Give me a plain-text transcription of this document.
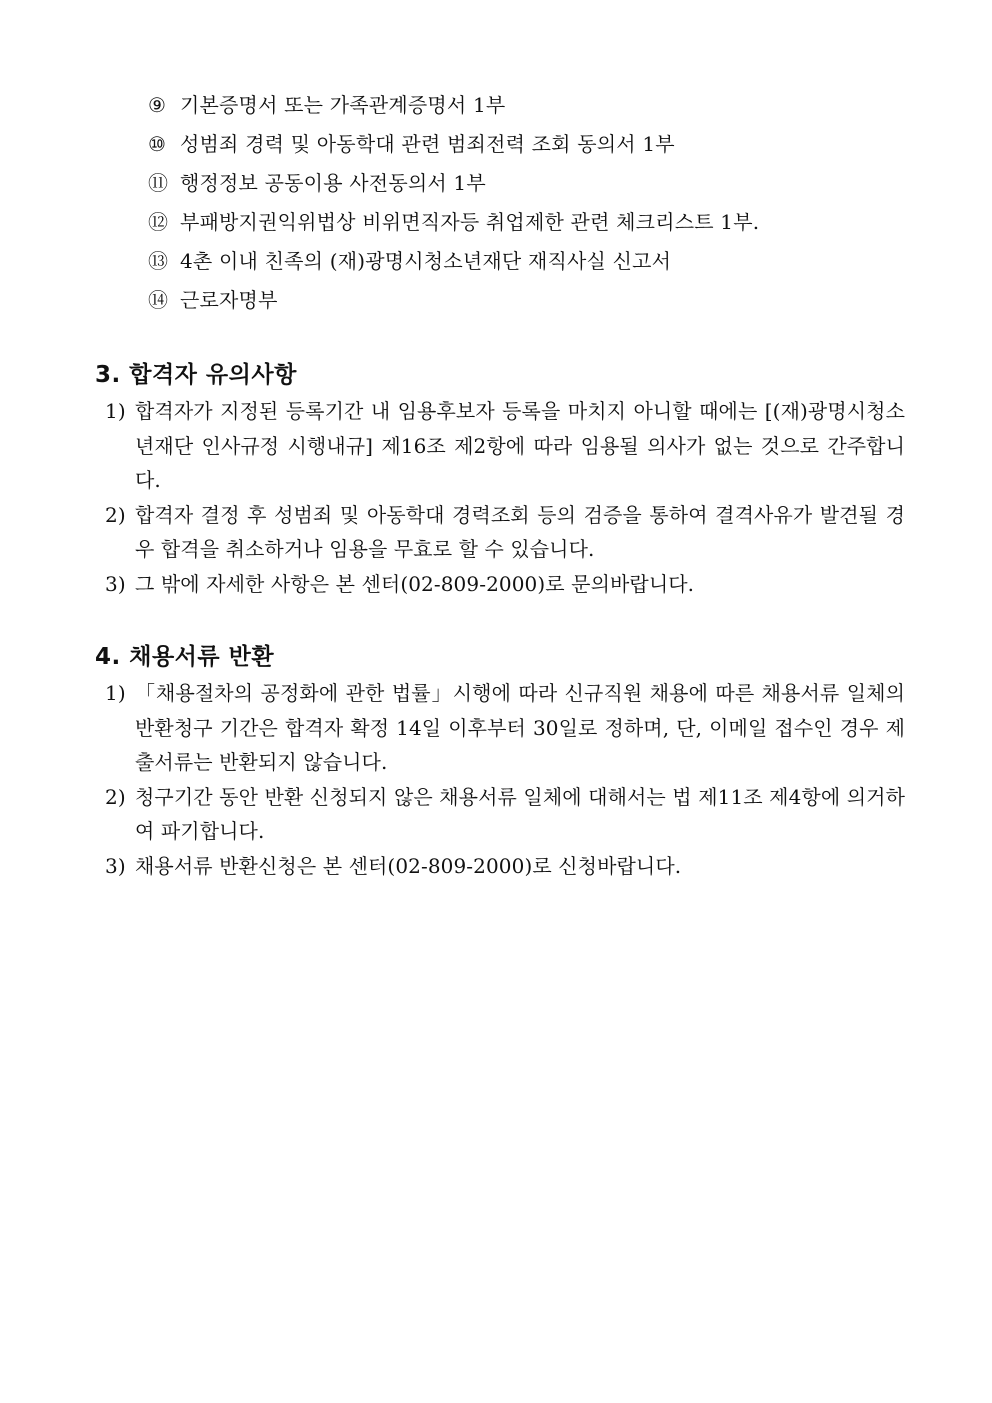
⑨ 기본증명서 또는 가족관계증명서 1부
⑩ 성범죄 경력 및 아동학대 관련 범죄전력 조회 동의서 1부
⑪ 행정정보 공동이용 사전동의서 1부
⑫ 부패방지권익위법상 비위면직자등 취업제한 관련 체크리스트 1부.
⑬ 4촌 이내 친족의 (재)광명시청소년재단 재직사실 신고서
⑭ 근로자명부
3. 합격자 유의사항
1) 합격자가 지정된 등록기간 내 임용후보자 등록을 마치지 아니할 때에는 [(재)광명시청소년재단 인사규정 시행내규] 제16조 제2항에 따라 임용될 의사가 없는 것으로 간주합니다.
2) 합격자 결정 후 성범죄 및 아동학대 경력조회 등의 검증을 통하여 결격사유가 발견될 경우 합격을 취소하거나 임용을 무효로 할 수 있습니다.
3) 그 밖에 자세한 사항은 본 센터(02-809-2000)로 문의바랍니다.
4. 채용서류 반환
1) 「채용절차의 공정화에 관한 법률」시행에 따라 신규직원 채용에 따른 채용서류 일체의 반환청구 기간은 합격자 확정 14일 이후부터 30일로 정하며, 단, 이메일 접수인 경우 제출서류는 반환되지 않습니다.
2) 청구기간 동안 반환 신청되지 않은 채용서류 일체에 대해서는 법 제11조 제4항에 의거하여 파기합니다.
3) 채용서류 반환신청은 본 센터(02-809-2000)로 신청바랍니다.
